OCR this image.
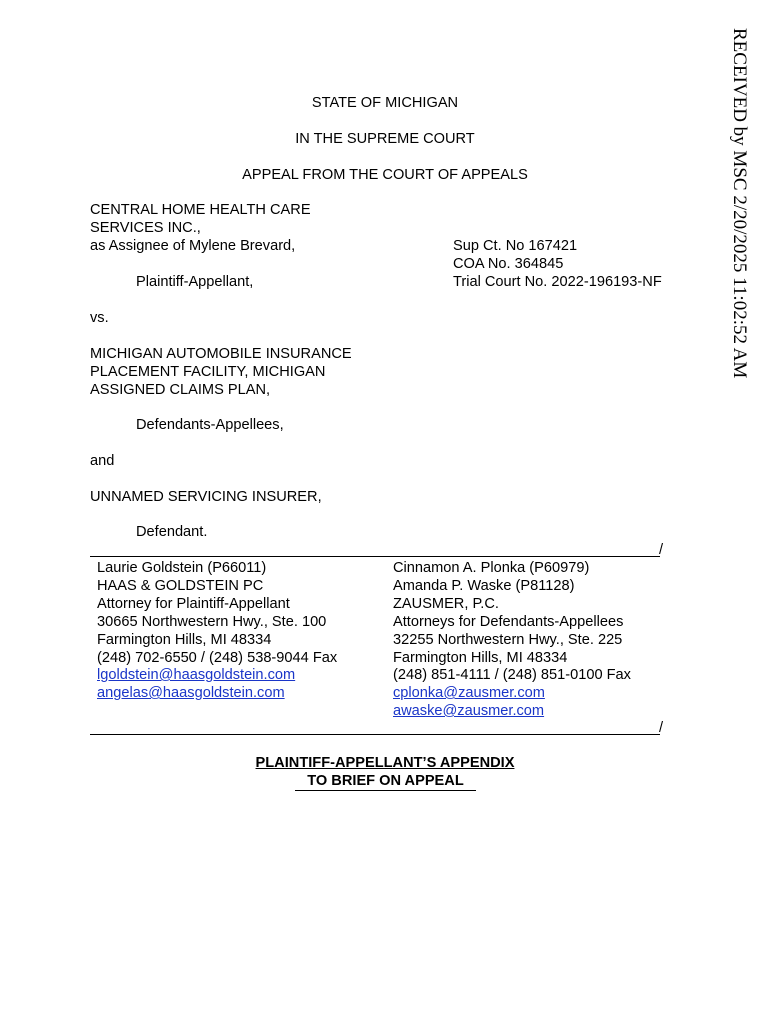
RECEIVED by MSC 2/20/2025 11:02:52 AM
STATE OF MICHIGAN
IN THE SUPREME COURT
APPEAL FROM THE COURT OF APPEALS
CENTRAL HOME HEALTH CARE
SERVICES INC.,
as Assignee of Mylene Brevard,
Plaintiff-Appellant,
Sup Ct. No 167421
COA No. 364845
Trial Court No. 2022-196193-NF
vs.
MICHIGAN AUTOMOBILE INSURANCE
PLACEMENT FACILITY, MICHIGAN
ASSIGNED CLAIMS PLAN,
Defendants-Appellees,
and
UNNAMED SERVICING INSURER,
Defendant.
/
Laurie Goldstein (P66011)
HAAS & GOLDSTEIN PC
Attorney for Plaintiff-Appellant
30665 Northwestern Hwy., Ste. 100
Farmington Hills, MI 48334
(248) 702-6550 / (248) 538-9044 Fax
lgoldstein@haasgoldstein.com
angelas@haasgoldstein.com
Cinnamon A. Plonka (P60979)
Amanda P. Waske (P81128)
ZAUSMER, P.C.
Attorneys for Defendants-Appellees
32255 Northwestern Hwy., Ste. 225
Farmington Hills, MI 48334
(248) 851-4111 / (248) 851-0100 Fax
cplonka@zausmer.com
awaske@zausmer.com
/
PLAINTIFF-APPELLANT’S APPENDIX
TO BRIEF ON APPEAL
